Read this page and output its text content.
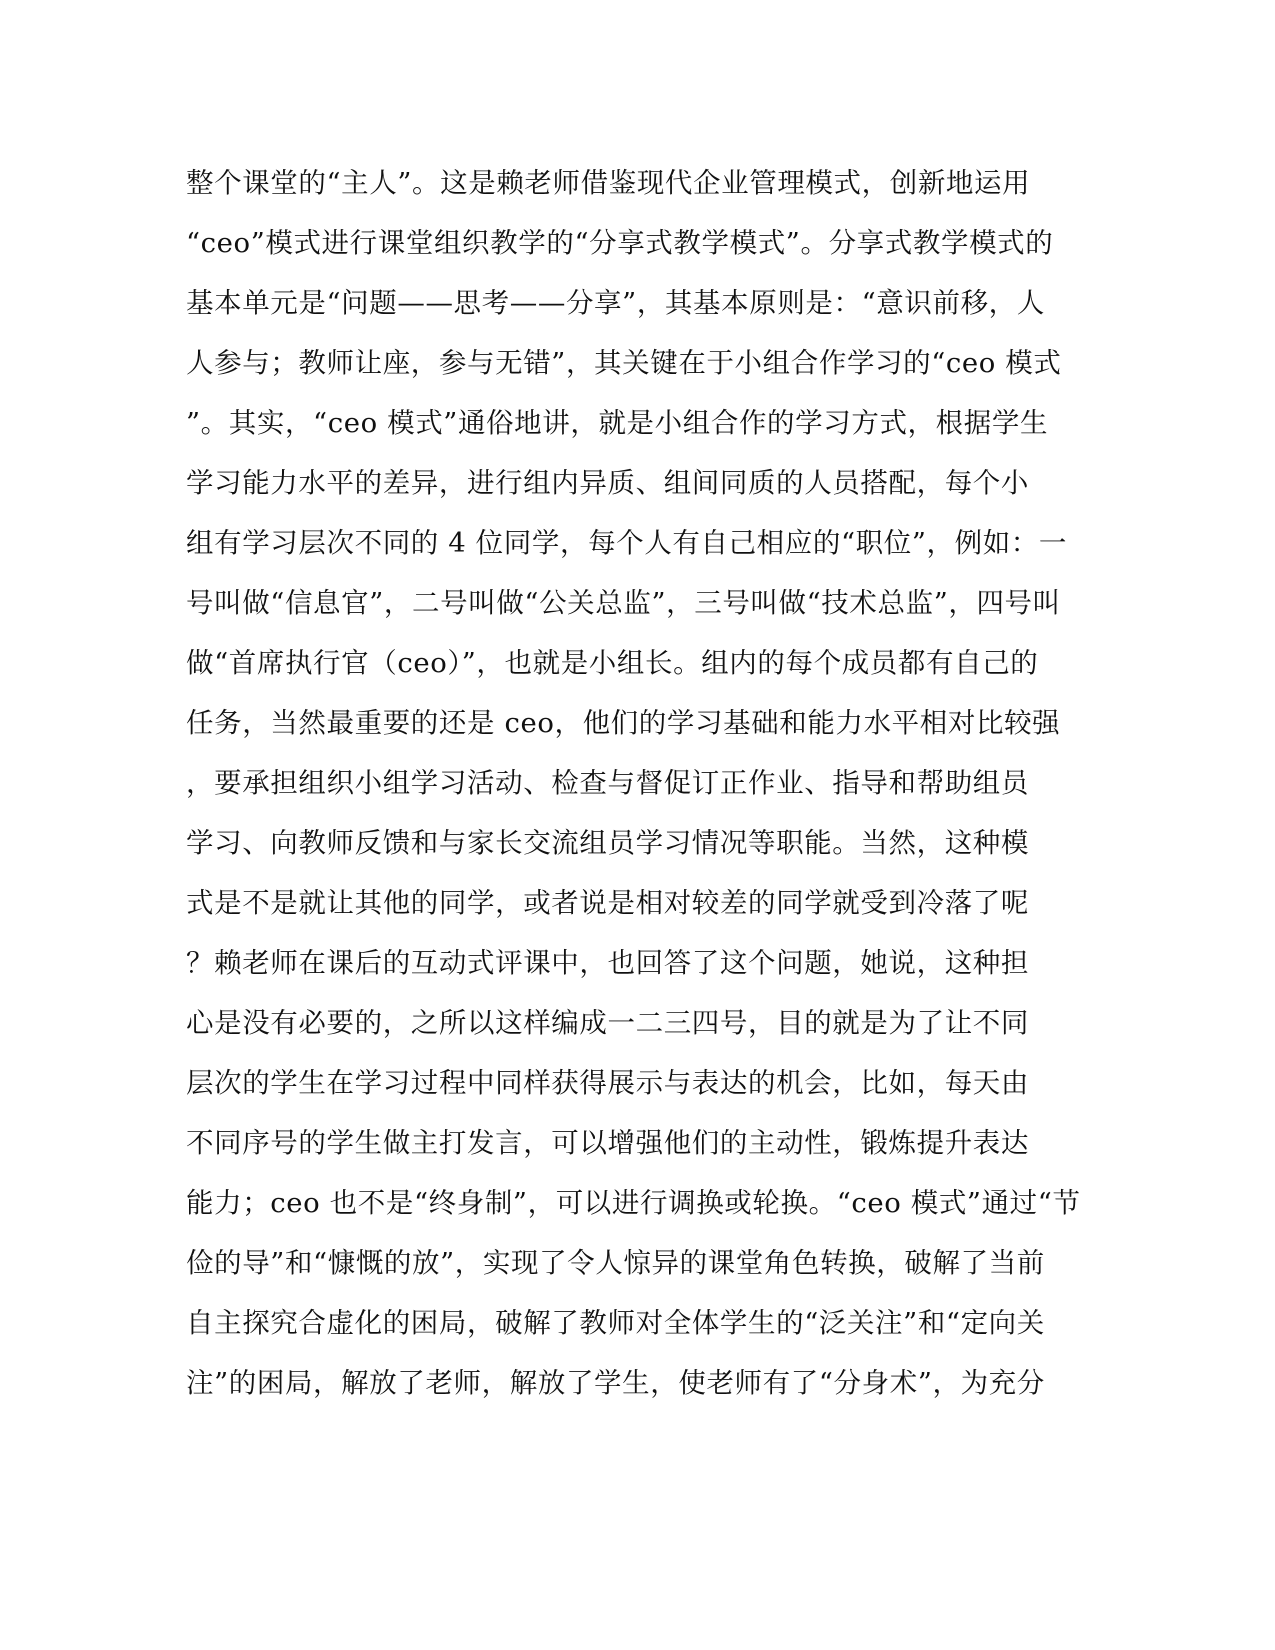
整个课堂的“主人”。这是赖老师借鉴现代企业管理模式，创新地运用
“ceo”模式进行课堂组织教学的“分享式教学模式”。分享式教学模式的
基本单元是“问题——思考——分享”，其基本原则是：“意识前移，人
人参与；教师让座，参与无错”，其关键在于小组合作学习的“ceo 模式
”。其实，“ceo 模式”通俗地讲，就是小组合作的学习方式，根据学生
学习能力水平的差异，进行组内异质、组间同质的人员搭配，每个小
组有学习层次不同的 4 位同学，每个人有自己相应的“职位”，例如：一
号叫做“信息官”，二号叫做“公关总监”，三号叫做“技术总监”，四号叫
做“首席执行官（ceo）”，也就是小组长。组内的每个成员都有自己的
任务，当然最重要的还是 ceo，他们的学习基础和能力水平相对比较强
，要承担组织小组学习活动、检查与督促订正作业、指导和帮助组员
学习、向教师反馈和与家长交流组员学习情况等职能。当然，这种模
式是不是就让其他的同学，或者说是相对较差的同学就受到冷落了呢
？赖老师在课后的互动式评课中，也回答了这个问题，她说，这种担
心是没有必要的，之所以这样编成一二三四号，目的就是为了让不同
层次的学生在学习过程中同样获得展示与表达的机会，比如，每天由
不同序号的学生做主打发言，可以增强他们的主动性，锻炼提升表达
能力；ceo 也不是“终身制”，可以进行调换或轮换。“ceo 模式”通过“节
俭的导”和“慷慨的放”，实现了令人惊异的课堂角色转换，破解了当前
自主探究合虚化的困局，破解了教师对全体学生的“泛关注”和“定向关
注”的困局，解放了老师，解放了学生，使老师有了“分身术”，为充分
